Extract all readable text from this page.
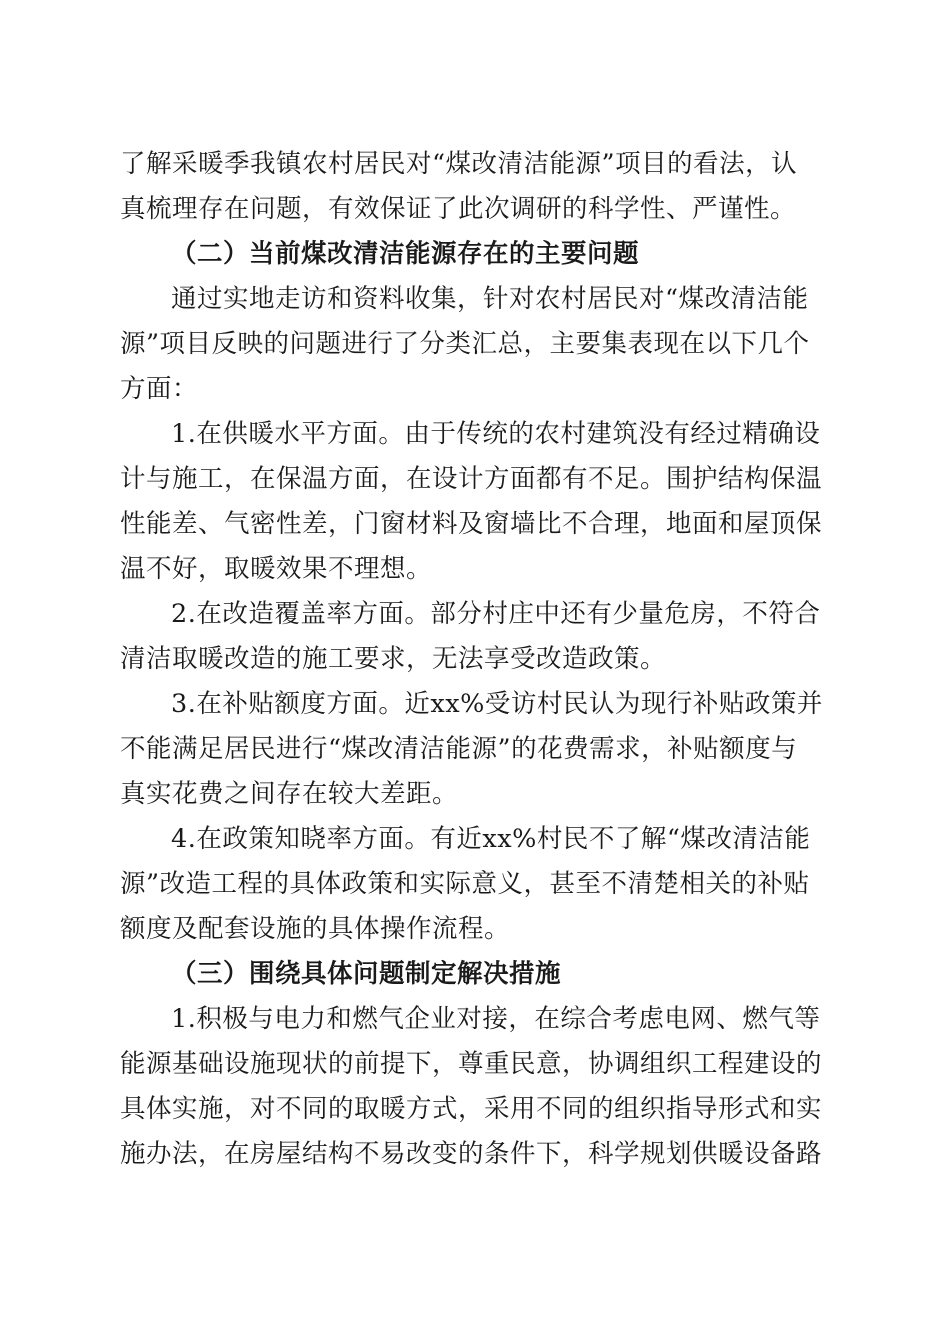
了解采暖季我镇农村居民对“煤改清洁能源”项目的看法，认
真梳理存在问题，有效保证了此次调研的科学性、严谨性。

（二）当前煤改清洁能源存在的主要问题

通过实地走访和资料收集，针对农村居民对“煤改清洁能
源”项目反映的问题进行了分类汇总，主要集表现在以下几个
方面：

1.在供暖水平方面。由于传统的农村建筑没有经过精确设
计与施工，在保温方面，在设计方面都有不足。围护结构保温
性能差、气密性差，门窗材料及窗墙比不合理，地面和屋顶保
温不好，取暖效果不理想。

2.在改造覆盖率方面。部分村庄中还有少量危房，不符合
清洁取暖改造的施工要求，无法享受改造政策。

3.在补贴额度方面。近xx%受访村民认为现行补贴政策并
不能满足居民进行“煤改清洁能源”的花费需求，补贴额度与
真实花费之间存在较大差距。

4.在政策知晓率方面。有近xx%村民不了解“煤改清洁能
源”改造工程的具体政策和实际意义，甚至不清楚相关的补贴
额度及配套设施的具体操作流程。

（三）围绕具体问题制定解决措施

1.积极与电力和燃气企业对接，在综合考虑电网、燃气等
能源基础设施现状的前提下，尊重民意，协调组织工程建设的
具体实施，对不同的取暖方式，采用不同的组织指导形式和实
施办法，在房屋结构不易改变的条件下，科学规划供暖设备路
